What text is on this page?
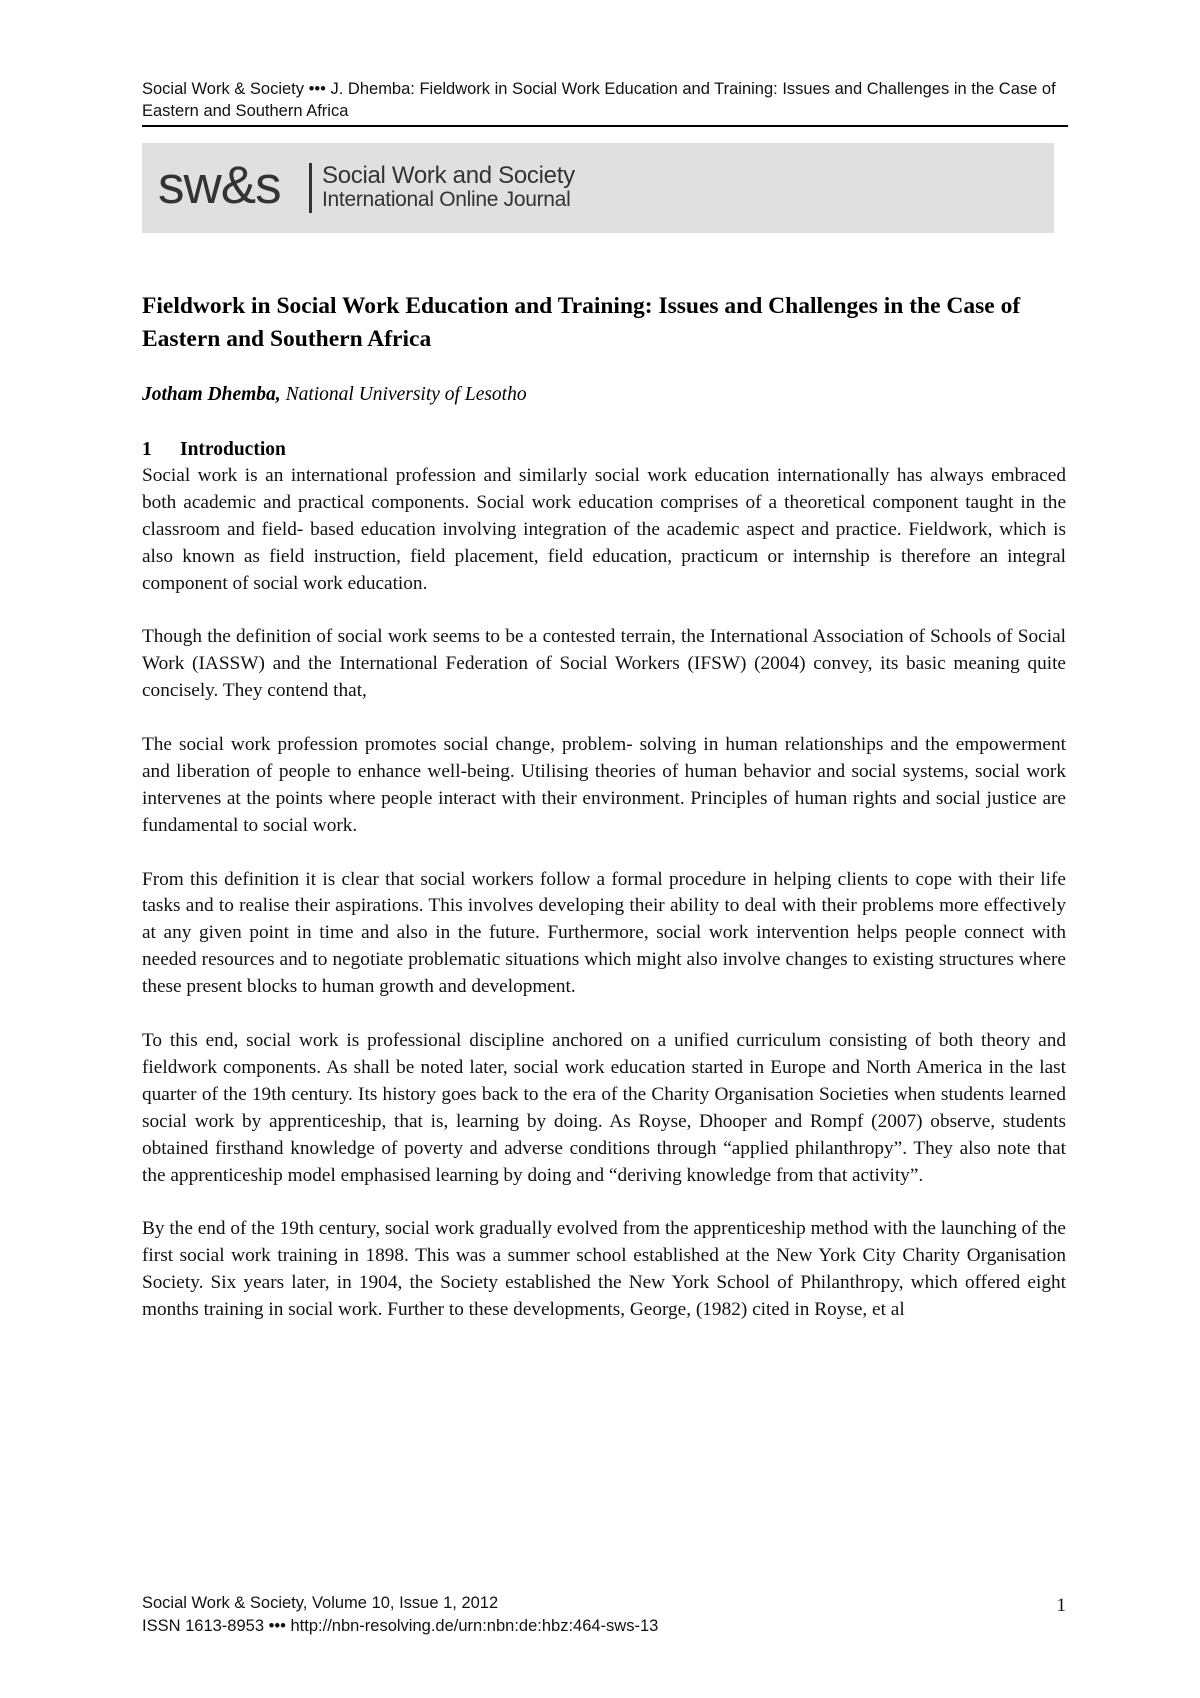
Social Work & Society ••• J. Dhemba: Fieldwork in Social Work Education and Training: Issues and Challenges in the Case of Eastern and Southern Africa
sw&s Social Work and Society
International Online Journal
Fieldwork in Social Work Education and Training: Issues and Challenges in the Case of Eastern and Southern Africa
Jotham Dhemba, National University of Lesotho
1 Introduction

Social work is an international profession and similarly social work education internationally has always embraced both academic and practical components. Social work education comprises of a theoretical component taught in the classroom and field- based education involving integration of the academic aspect and practice. Fieldwork, which is also known as field instruction, field placement, field education, practicum or internship is therefore an integral component of social work education.

Though the definition of social work seems to be a contested terrain, the International Association of Schools of Social Work (IASSW) and the International Federation of Social Workers (IFSW) (2004) convey, its basic meaning quite concisely. They contend that,

The social work profession promotes social change, problem- solving in human relationships and the empowerment and liberation of people to enhance well-being. Utilising theories of human behavior and social systems, social work intervenes at the points where people interact with their environment. Principles of human rights and social justice are fundamental to social work.

From this definition it is clear that social workers follow a formal procedure in helping clients to cope with their life tasks and to realise their aspirations. This involves developing their ability to deal with their problems more effectively at any given point in time and also in the future. Furthermore, social work intervention helps people connect with needed resources and to negotiate problematic situations which might also involve changes to existing structures where these present blocks to human growth and development.

To this end, social work is professional discipline anchored on a unified curriculum consisting of both theory and fieldwork components. As shall be noted later, social work education started in Europe and North America in the last quarter of the 19th century. Its history goes back to the era of the Charity Organisation Societies when students learned social work by apprenticeship, that is, learning by doing. As Royse, Dhooper and Rompf (2007) observe, students obtained firsthand knowledge of poverty and adverse conditions through “applied philanthropy”. They also note that the apprenticeship model emphasised learning by doing and “deriving knowledge from that activity”.

By the end of the 19th century, social work gradually evolved from the apprenticeship method with the launching of the first social work training in 1898. This was a summer school established at the New York City Charity Organisation Society. Six years later, in 1904, the Society established the New York School of Philanthropy, which offered eight months training in social work. Further to these developments, George, (1982) cited in Royse, et al

Social Work & Society, Volume 10, Issue 1, 2012
ISSN 1613-8953 ••• http://nbn-resolving.de/urn:nbn:de:hbz:464-sws-13
1
